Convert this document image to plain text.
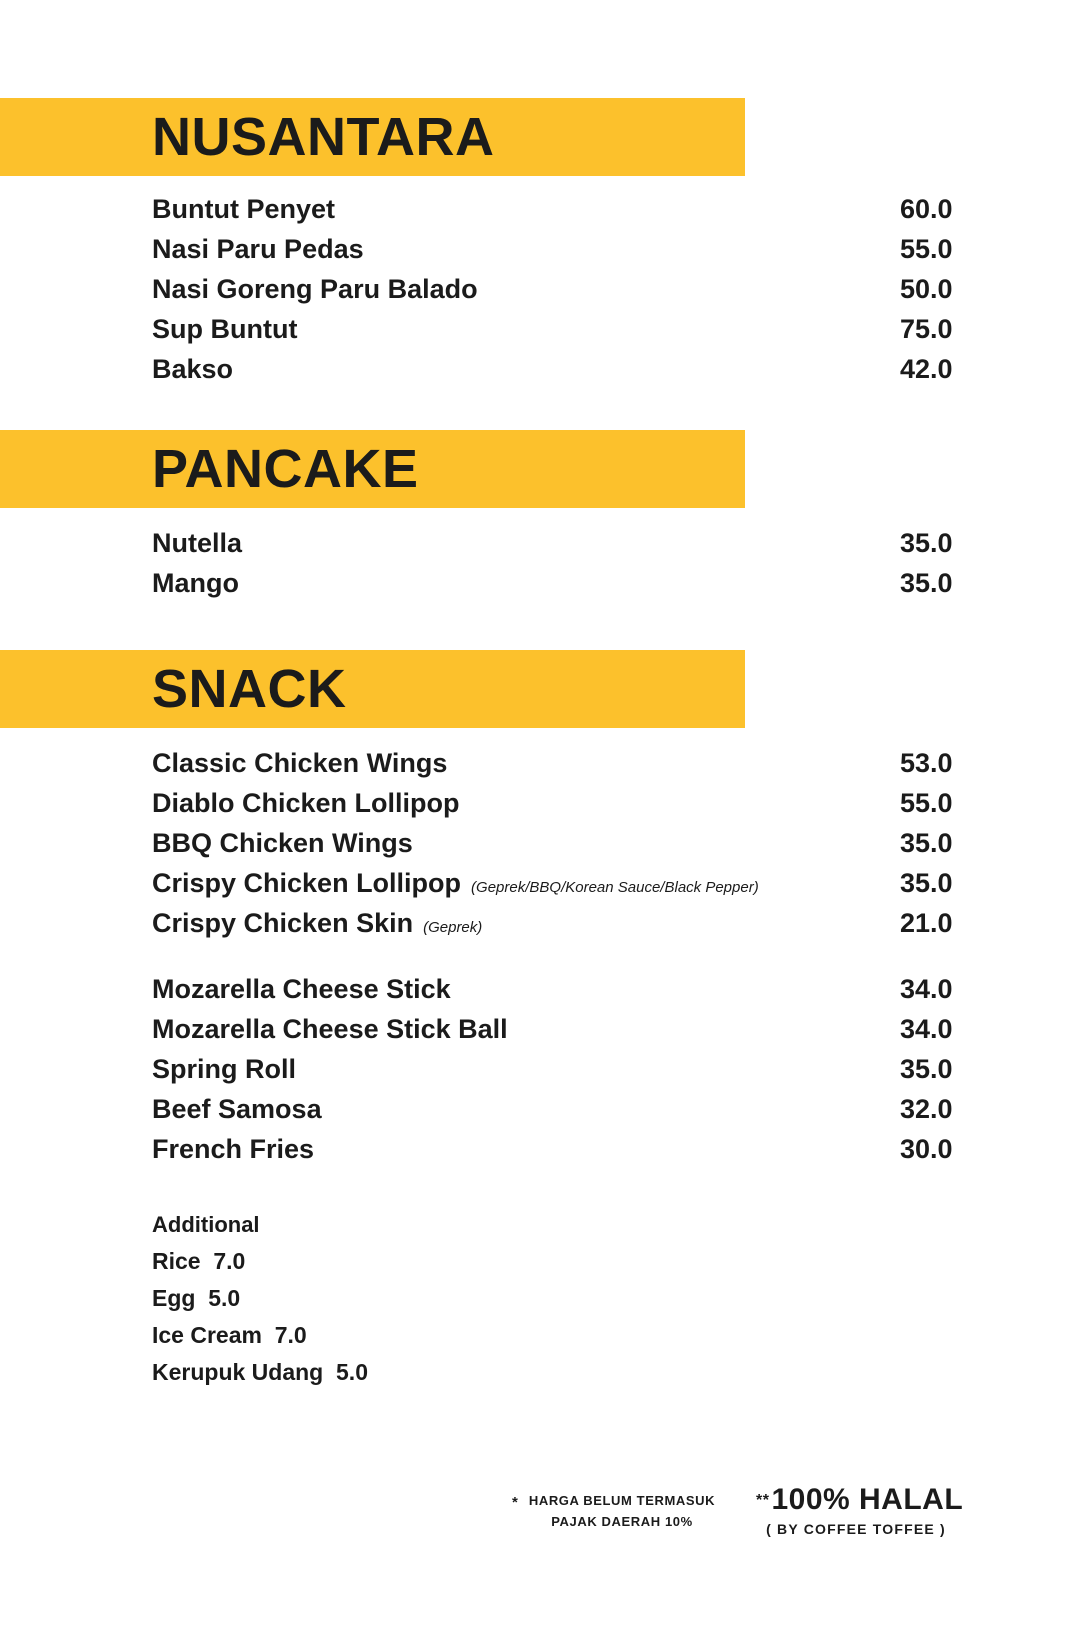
NUSANTARA
Buntut Penyet	60.0
Nasi Paru Pedas	55.0
Nasi Goreng Paru Balado	50.0
Sup Buntut	75.0
Bakso	42.0
PANCAKE
Nutella	35.0
Mango	35.0
SNACK
Classic Chicken Wings	53.0
Diablo Chicken Lollipop	55.0
BBQ Chicken Wings	35.0
Crispy Chicken Lollipop (Geprek/BBQ/Korean Sauce/Black Pepper)	35.0
Crispy Chicken Skin (Geprek)	21.0
Mozarella Cheese Stick	34.0
Mozarella Cheese Stick Ball	34.0
Spring Roll	35.0
Beef Samosa	32.0
French Fries	30.0
Additional
Rice  7.0
Egg  5.0
Ice Cream  7.0
Kerupuk Udang  5.0
* HARGA BELUM TERMASUK
PAJAK DAERAH 10%
**100% HALAL
( BY COFFEE TOFFEE )
